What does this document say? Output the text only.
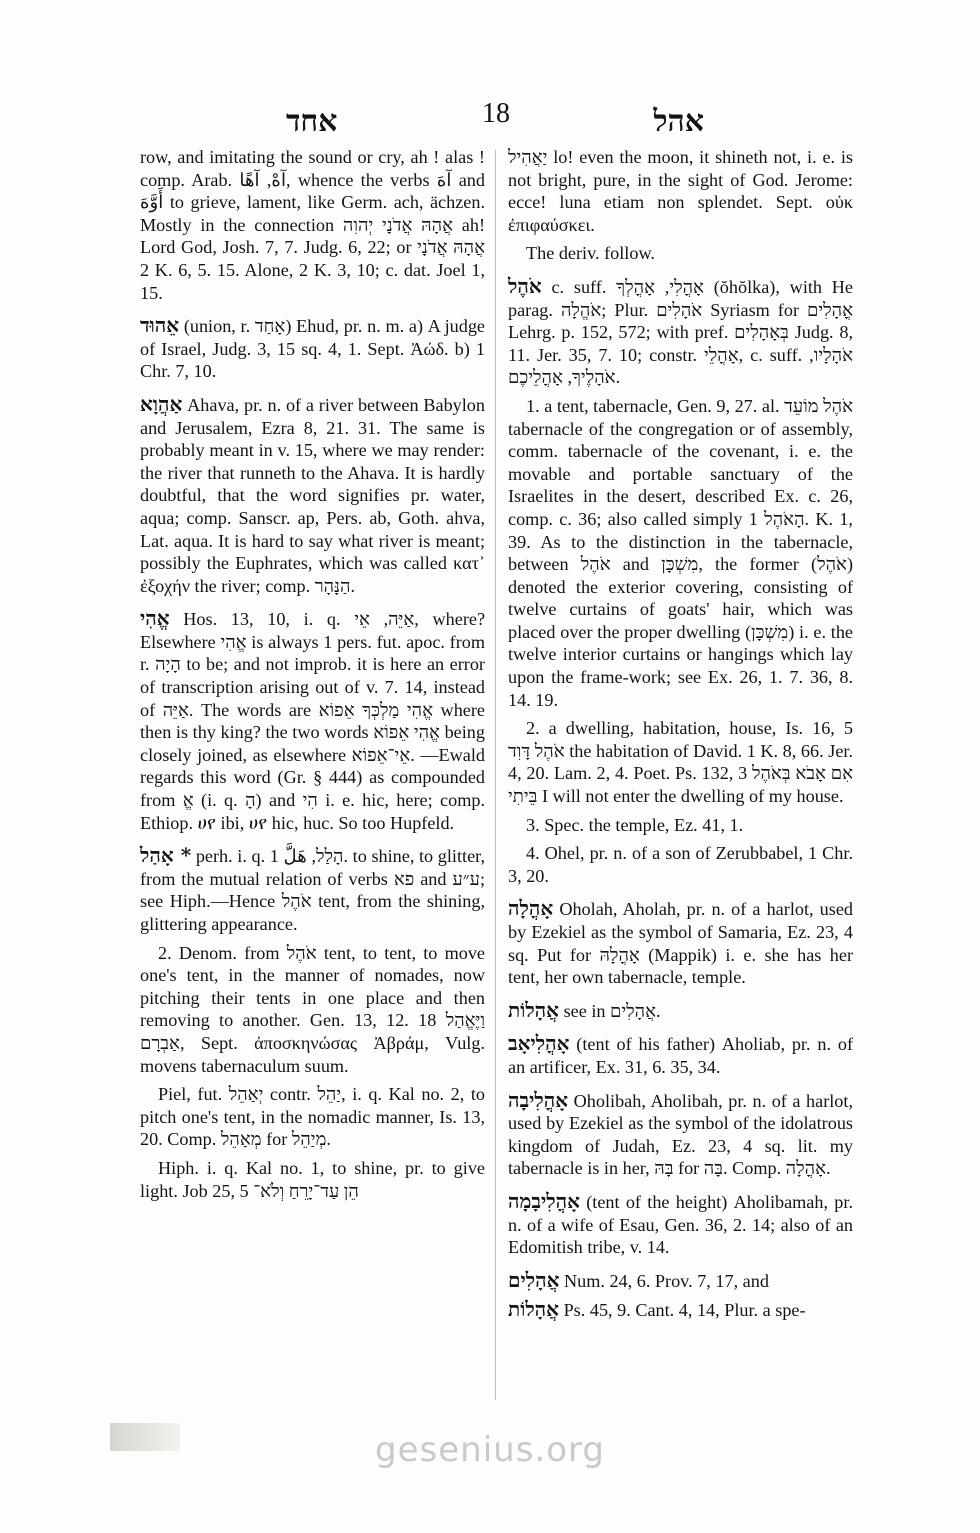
אחד	18	אהל

row, and imitating the sound or cry, ah ! alas ! comp. Arab. آهْ, آهًا, whence the verbs آهَ and أَوَّهَ to grieve, lament, like Germ. ach, ächzen. Mostly in the connection אֲהָהּ אֲדֹנָי יְהוִה ah! Lord God, Josh. 7, 7. Judg. 6, 22; or אֲהָהּ אֲדֹנָי 2 K. 6, 5. 15. Alone, 2 K. 3, 10; c. dat. Joel 1, 15.

אֵהוּד (union, r. אָחַד) Ehud, pr. n. m. a) A judge of Israel, Judg. 3, 15 sq. 4, 1. Sept. Ἀώδ. b) 1 Chr. 7, 10.

אַהֲוָא Ahava, pr. n. of a river between Babylon and Jerusalem, Ezra 8, 21. 31. The same is probably meant in v. 15, where we may render: the river that runneth to the Ahava. It is hardly doubtful, that the word signifies pr. water, aqua; comp. Sanscr. ap, Pers. ab, Goth. ahva, Lat. aqua. It is hard to say what river is meant; possibly the Euphrates, which was called κατ᾽ ἐξοχήν the river; comp. הַנָּהָר.

אֱהִי Hos. 13, 10, i. q. אַיֵּה, אֵי, where? Elsewhere אֱהִי is always 1 pers. fut. apoc. from r. הָיָה to be; and not improb. it is here an error of transcription arising out of v. 7. 14, instead of אַיֵּה. The words are אֱהִי מַלְכְּךָ אֵפוֹא where then is thy king? the two words אֱהִי אֵפוֹא being closely joined, as elsewhere אֵי־אֵפוֹא. —Ewald regards this word (Gr. § 444) as compounded from אֱ (i. q. הָ) and הִי i. e. hic, here; comp. Ethiop. ሀየ ibi, ሀየ hic, huc. So too Hupfeld.

* אָהַל perh. i. q. הָלַל, هَلَّ 1. to shine, to glitter, from the mutual relation of verbs פא and ע״ע; see Hiph.—Hence אֹהֶל tent, from the shining, glittering appearance.

2. Denom. from אֹהֶל tent, to tent, to move one's tent, in the manner of nomades, now pitching their tents in one place and then removing to another. Gen. 13, 12. 18 וַיֶּאֱהַל אַבְרָם, Sept. ἀποσκηνώσας Ἀβράμ, Vulg. movens tabernaculum suum.

Piel, fut. יְאַהֵל contr. יַהֵל, i. q. Kal no. 2, to pitch one's tent, in the nomadic manner, Is. 13, 20. Comp. מְאַהֵל for מְיַהֵל.

Hiph. i. q. Kal no. 1, to shine, pr. to give light. Job 25, 5 הֵן עַד־יָרֵחַ וְלֹא־

יַאֲהִיל lo! even the moon, it shineth not, i. e. is not bright, pure, in the sight of God. Jerome: ecce! luna etiam non splendet. Sept. οὐκ ἐπιφαύσκει.

The deriv. follow.

אֹהֶל c. suff. אָהֳלִי, אָהֳלְךָ (ŏhŏlka), with He parag. אֹהֱלָה; Plur. אֹהָלִים Syriasm for אֳהָלִים Lehrg. p. 152, 572; with pref. בְּאָהָלִים Judg. 8, 11. Jer. 35, 7. 10; constr. אָהֳלֵי, c. suff. אֹהָלָיו, אֹהָלֶיךָ, אָהֳלֵיכֶם.

1. a tent, tabernacle, Gen. 9, 27. al. אֹהֶל מוֹעֵד tabernacle of the congregation or of assembly, comm. tabernacle of the covenant, i. e. the movable and portable sanctuary of the Israelites in the desert, described Ex. c. 26, comp. c. 36; also called simply הָאֹהֶל 1. K. 1, 39. As to the distinction in the tabernacle, between אֹהֶל and מִשְׁכָּן, the former (אֹהֶל) denoted the exterior covering, consisting of twelve curtains of goats' hair, which was placed over the proper dwelling (מִשְׁכָּן) i. e. the twelve interior curtains or hangings which lay upon the frame-work; see Ex. 26, 1. 7. 36, 8. 14. 19.

2. a dwelling, habitation, house, Is. 16, 5 אֹהֶל דָּוִד the habitation of David. 1 K. 8, 66. Jer. 4, 20. Lam. 2, 4. Poet. Ps. 132, 3 אִם אָבֹא בְּאֹהֶל בֵּיתִי I will not enter the dwelling of my house.

3. Spec. the temple, Ez. 41, 1.

4. Ohel, pr. n. of a son of Zerubbabel, 1 Chr. 3, 20.

אָהֳלָה Oholah, Aholah, pr. n. of a harlot, used by Ezekiel as the symbol of Samaria, Ez. 23, 4 sq. Put for אָהֳלָהּ (Mappik) i. e. she has her tent, her own tabernacle, temple.

אֲהָלוֹת see in אֲהָלִים.

אָהֳלִיאָב (tent of his father) Aholiab, pr. n. of an artificer, Ex. 31, 6. 35, 34.

אָהֳלִיבָה Oholibah, Aholibah, pr. n. of a harlot, used by Ezekiel as the symbol of the idolatrous kingdom of Judah, Ez. 23, 4 sq. lit. my tabernacle is in her, בָּהּ for בָּה. Comp. אָהֳלָה.

אָהֳלִיבָמָה (tent of the height) Aholibamah, pr. n. of a wife of Esau, Gen. 36, 2. 14; also of an Edomitish tribe, v. 14.

אֲהָלִים Num. 24, 6. Prov. 7, 17, and

אֲהָלוֹת Ps. 45, 9. Cant. 4, 14, Plur. a spe-

gesenius.org
